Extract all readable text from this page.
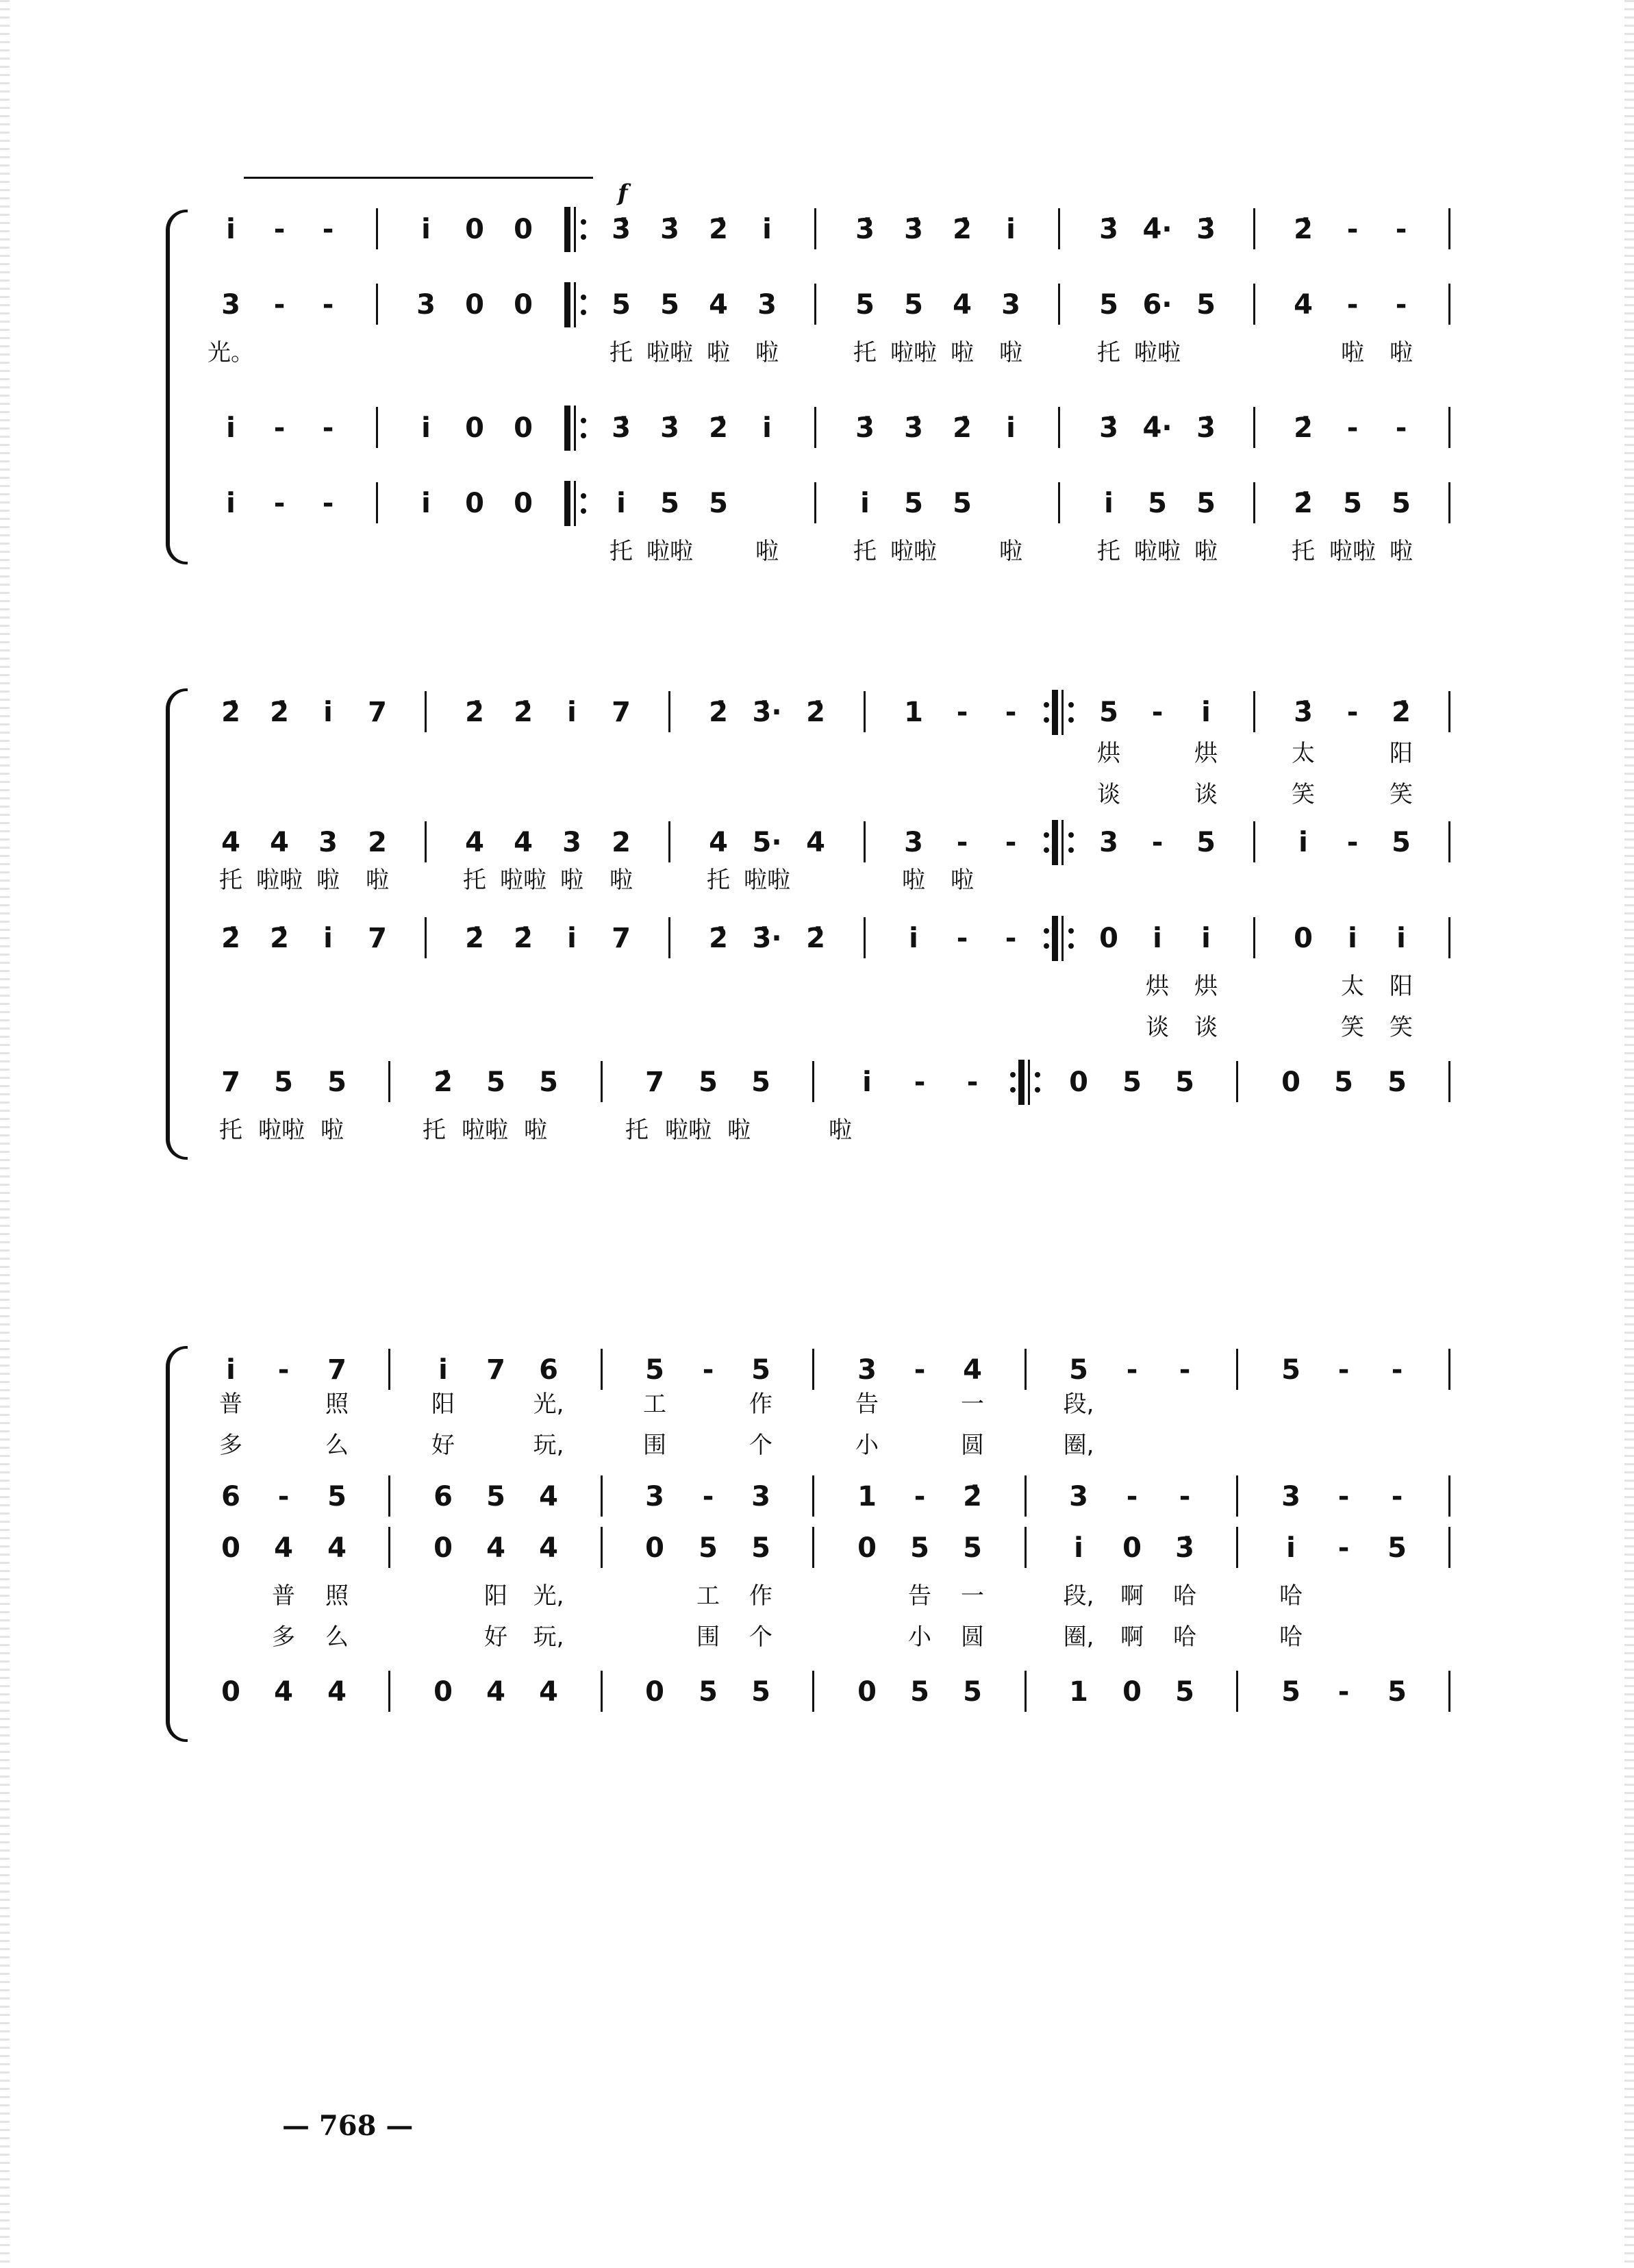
f
i̇	-	-	i̇	0	0	3̇	3̇	2̇	i̇	3̇	3̇	2̇	i̇	3̇ 4̇· 3̇	2̇	-	-
3	-	-	3	0	0	5	5	4	3	5	5	4	3	5 6· 5	4	-	-
光。	托 啦啦 啦	啦	托 啦啦 啦	啦	托 啦啦	啦	啦
i̇	-	-	i̇	0	0	3̇	3̇	2̇	i̇	3̇	3̇	2̇	i̇	3̇ 4̇· 3̇	2̇	-	-
i̇	-	-	i̇	0	0	i̇	5	5	i̇	5	5	i̇	5	5	2̇	5	5
托 啦啦	啦	托 啦啦	啦	托 啦啦 啦	托 啦啦 啦
2̇	2̇	i̇	7	2̇	2̇	i̇	7	2̇ 3̇· 2̇	1	-	-	5	-	i̇	3̇	-	2̇
烘	烘	太	阳
谈	谈	笑	笑
4	4	3	2	4	4	3	2	4 5· 4	3	-	-	3	-	5	i̇	-	5
托 啦啦 啦	啦	托 啦啦 啦	啦	托 啦啦	啦	啦
2̇	2̇	i̇	7	2̇	2̇	i̇	7	2̇ 3̇· 2̇	i̇	-	-	0	i̇	i̇	0	i̇	i̇
烘	烘	太	阳
谈	谈	笑	笑
7	5	5	2̇	5	5	7	5	5	i̇	-	-	0	5	5	0	5	5
托 啦啦 啦	托 啦啦 啦	托 啦啦 啦	啦
i̇	-	7	i̇	7	6	5	-	5	3	-	4	5	-	-	5	-	-
普	照	阳	光,	工	作	告	一	段,
多	么	好	玩,	围	个	小	圆	圈,
6	-	5	6	5	4	3	-	3	1	-	2̇	3	-	-	3	-	-
0	4	4	0	4	4	0	5	5	0	5	5	i̇	0	3̇	i̇	-	5
普	照	阳	光,	工	作	告	一	段,	啊	哈	哈
多	么	好	玩,	围	个	小	圆	圈,	啊	哈	哈
0	4	4	0	4	4	0	5	5	0	5	5	1	0	5	5	-	5
— 768 —
